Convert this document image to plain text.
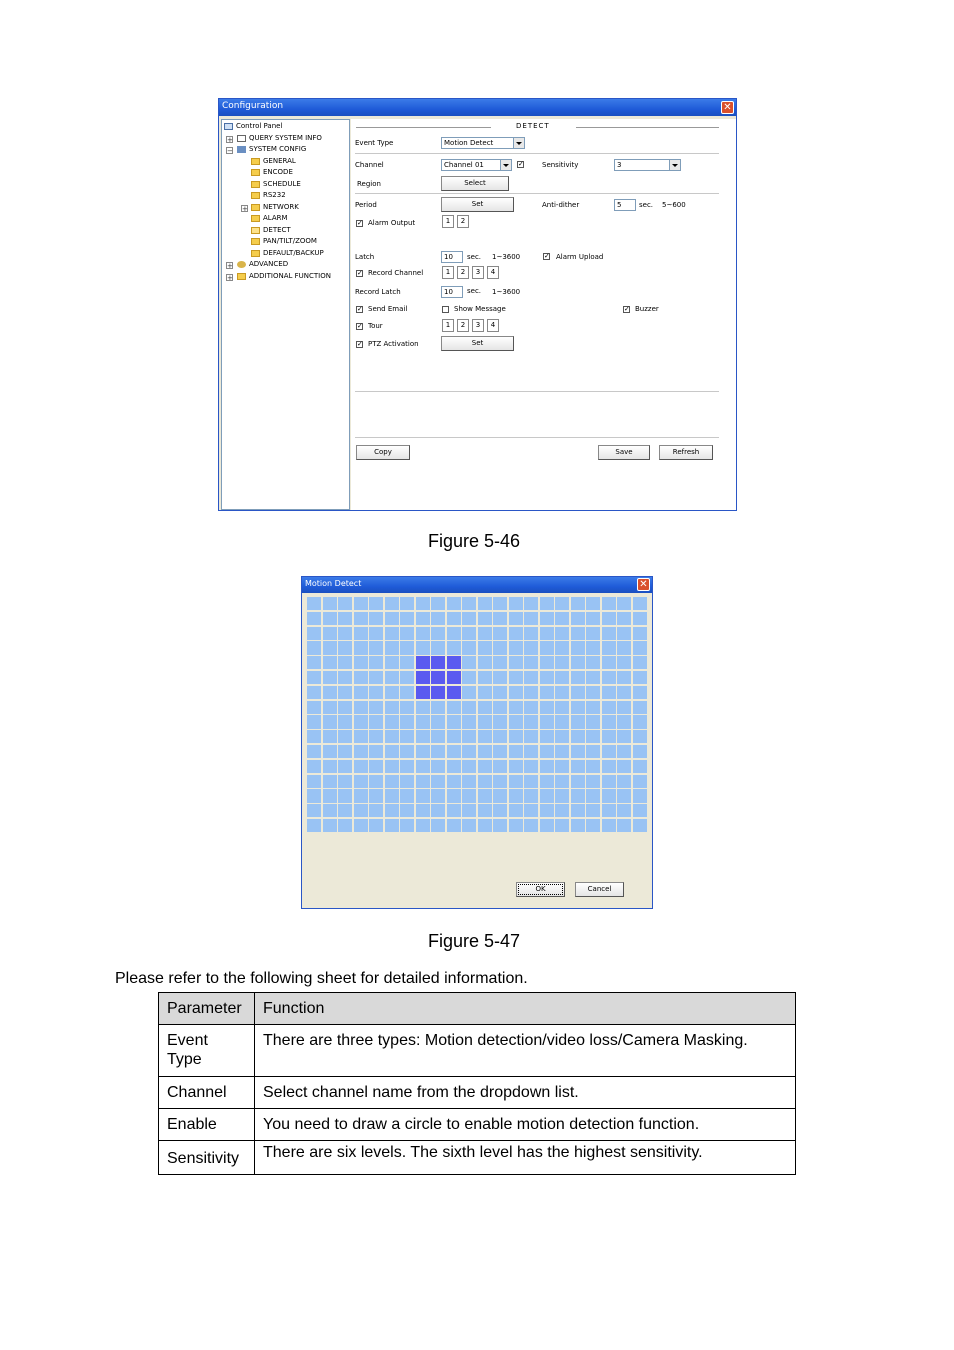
Configuration	✕
Control Panel
+	QUERY SYSTEM INFO
−	SYSTEM CONFIG
GENERAL
ENCODE
SCHEDULE
RS232
+	NETWORK
ALARM
DETECT
PAN/TILT/ZOOM
DEFAULT/BACKUP
+	ADVANCED
+	ADDITIONAL FUNCTION
DETECT
Event Type	Motion Detect
Channel	Channel 01	✓	Sensitivity	3
Region	Select
Period	Set	Anti-dither	5	sec. 5~600
✓ Alarm Output	1	2
Latch	10	sec. 1~3600	✓ Alarm Upload
✓ Record Channel	1	2	3	4
Record Latch	10	sec. 1~3600
✓ Send Email	Show Message	✓ Buzzer
✓ Tour	1	2	3	4
✓ PTZ Activation	Set
Copy	Save	Refresh
Figure 5-46
Motion Detect	✕
OK	Cancel
Figure 5-47
Please refer to the following sheet for detailed information.
Parameter	Function
Event Type	There are three types: Motion detection/video loss/Camera Masking.
Channel	Select channel name from the dropdown list.
Enable	You need to draw a circle to enable motion detection function.
Sensitivity	There are six levels. The sixth level has the highest sensitivity.
